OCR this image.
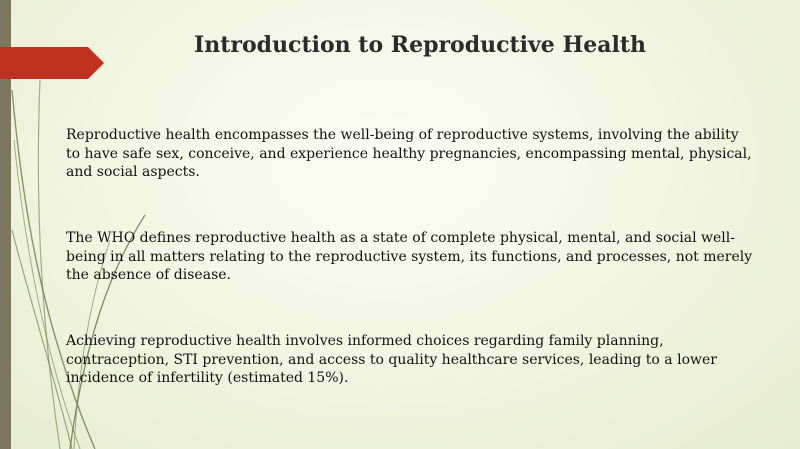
Introduction to Reproductive Health

Reproductive health encompasses the well-being of reproductive systems, involving the ability to have safe sex, conceive, and experience healthy pregnancies, encompassing mental, physical, and social aspects.

The WHO defines reproductive health as a state of complete physical, mental, and social well-being in all matters relating to the reproductive system, its functions, and processes, not merely the absence of disease.

Achieving reproductive health involves informed choices regarding family planning, contraception, STI prevention, and access to quality healthcare services, leading to a lower incidence of infertility (estimated 15%).
